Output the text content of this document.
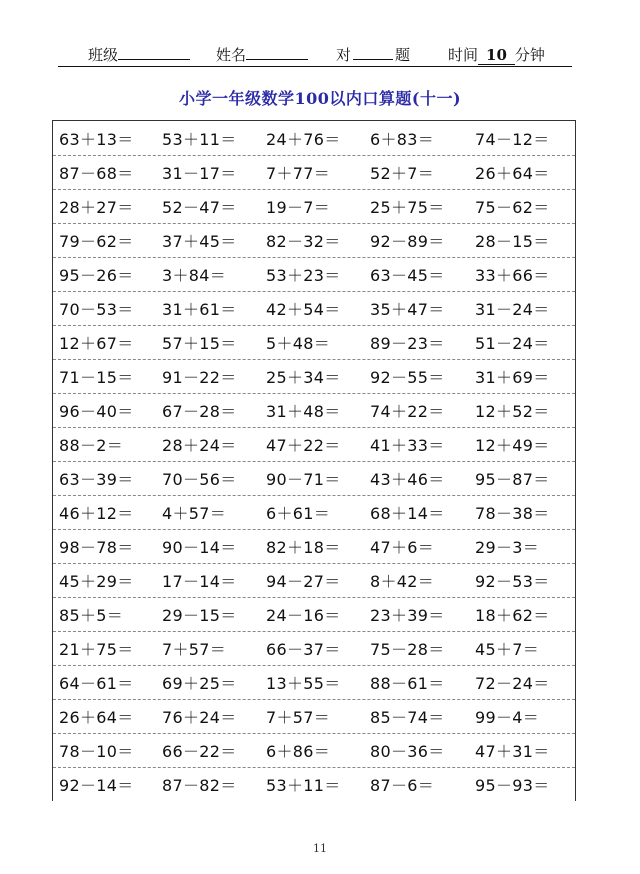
班级	姓名	对	题	时间 10 分钟
小学一年级数学100以内口算题(十一)
63＋13＝ 53＋11＝ 24＋76＝ 6＋83＝	74－12＝
87－68＝ 31－17＝ 7＋77＝ 52＋7＝	26＋64＝
28＋27＝ 52－47＝ 19－7＝ 25＋75＝ 75－62＝
79－62＝ 37＋45＝ 82－32＝ 92－89＝ 28－15＝
95－26＝ 3＋84＝ 53＋23＝ 63－45＝ 33＋66＝
70－53＝ 31＋61＝ 42＋54＝ 35＋47＝ 31－24＝
12＋67＝ 57＋15＝ 5＋48＝ 89－23＝ 51－24＝
71－15＝ 91－22＝ 25＋34＝ 92－55＝ 31＋69＝
96－40＝ 67－28＝ 31＋48＝ 74＋22＝ 12＋52＝
88－2＝ 28＋24＝ 47＋22＝ 41＋33＝ 12＋49＝
63－39＝ 70－56＝ 90－71＝ 43＋46＝ 95－87＝
46＋12＝ 4＋57＝ 6＋61＝ 68＋14＝ 78－38＝
98－78＝ 90－14＝ 82＋18＝ 47＋6＝	29－3＝
45＋29＝ 17－14＝ 94－27＝ 8＋42＝	92－53＝
85＋5＝ 29－15＝ 24－16＝ 23＋39＝ 18＋62＝
21＋75＝ 7＋57＝ 66－37＝ 75－28＝ 45＋7＝
64－61＝ 69＋25＝ 13＋55＝ 88－61＝ 72－24＝
26＋64＝ 76＋24＝ 7＋57＝ 85－74＝ 99－4＝
78－10＝ 66－22＝ 6＋86＝ 80－36＝ 47＋31＝
92－14＝ 87－82＝ 53＋11＝ 87－6＝	95－93＝
11
